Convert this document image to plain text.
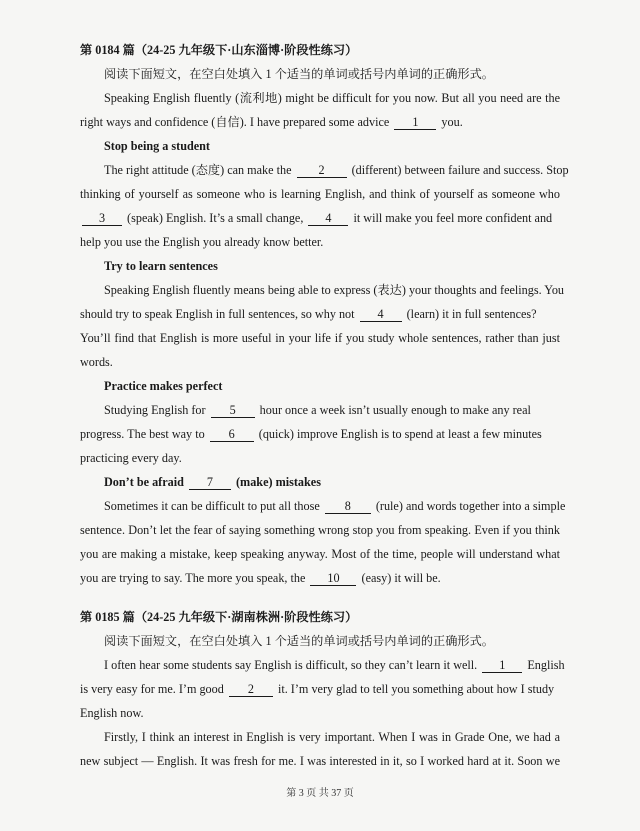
第 0184 篇（24-25 九年级下·山东淄博·阶段性练习）
阅读下面短文，在空白处填入 1 个适当的单词或括号内单词的正确形式。
Speaking English fluently (流利地) might be difficult for you now. But all you need are the
right ways and confidence (自信). I have prepared some advice 1 you.
Stop being a student
The right attitude (态度) can make the 2 (different) between failure and success. Stop
thinking of yourself as someone who is learning English, and think of yourself as someone who
3 (speak) English. It’s a small change, 4 it will make you feel more confident and
help you use the English you already know better.
Try to learn sentences
Speaking English fluently means being able to express (表达) your thoughts and feelings. You
should try to speak English in full sentences, so why not 4 (learn) it in full sentences?
You’ll find that English is more useful in your life if you study whole sentences, rather than just
words.
Practice makes perfect
Studying English for 5 hour once a week isn’t usually enough to make any real
progress. The best way to 6 (quick) improve English is to spend at least a few minutes
practicing every day.
Don’t be afraid 7 (make) mistakes
Sometimes it can be difficult to put all those 8 (rule) and words together into a simple
sentence. Don’t let the fear of saying something wrong stop you from speaking. Even if you think
you are making a mistake, keep speaking anyway. Most of the time, people will understand what
you are trying to say. The more you speak, the 10 (easy) it will be.
第 0185 篇（24-25 九年级下·湖南株洲·阶段性练习）
阅读下面短文，在空白处填入 1 个适当的单词或括号内单词的正确形式。
I often hear some students say English is difficult, so they can’t learn it well. 1 English
is very easy for me. I’m good 2 it. I’m very glad to tell you something about how I study
English now.
Firstly, I think an interest in English is very important. When I was in Grade One, we had a
new subject — English. It was fresh for me. I was interested in it, so I worked hard at it. Soon we
第 3 页 共 37 页
